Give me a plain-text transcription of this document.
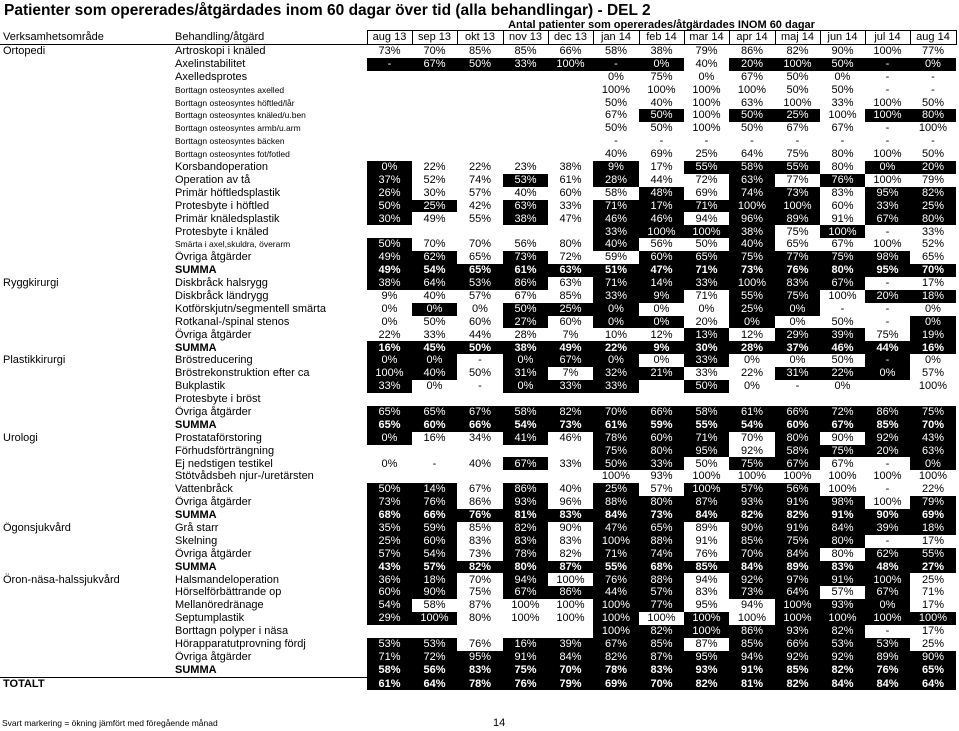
Patienter som opererades/åtgärdades inom 60 dagar över tid (alla behandlingar) - DEL 2
Antal patienter som opererades/åtgärdades INOM 60 dagar
Verksamhetsområde	Behandling/åtgärd	aug 13	sep 13	okt 13	nov 13	dec 13	jan 14	feb 14	mar 14	apr 14	maj 14	jun 14	jul 14	aug 14
Ortopedi	Artroskopi i knäled	73%	70%	85%	85%	66%	58%	38%	79%	86%	82%	90%	100%	77%
	Axelinstabilitet	-	67%	50%	33%	100%	-	0%	40%	20%	100%	50%	-	0%
	Axelledsprotes						0%	75%	0%	67%	50%	0%	-	-
	Borttagn osteosyntes axelled						100%	100%	100%	100%	50%	50%	-	-
	Borttagn osteosyntes höftled/lår						50%	40%	100%	63%	100%	33%	100%	50%
	Borttagn osteosyntes knäled/u.ben						67%	50%	100%	50%	25%	100%	100%	80%
	Borttagn osteosyntes armb/u.arm						50%	50%	100%	50%	67%	67%	-	100%
	Borttagn osteosyntes bäcken						-	-	-	-	-	-	-	-
	Borttagn osteosyntes fot/fotled						40%	69%	25%	64%	75%	80%	100%	50%
	Korsbandoperation	0%	22%	22%	23%	38%	9%	17%	55%	58%	55%	80%	0%	20%
	Operation av tå	37%	52%	74%	53%	61%	28%	44%	72%	63%	77%	76%	100%	79%
	Primär höftledsplastik	26%	30%	57%	40%	60%	58%	48%	69%	74%	73%	83%	95%	82%
	Protesbyte i höftled	50%	25%	42%	63%	33%	71%	17%	71%	100%	100%	60%	33%	25%
	Primär knäledsplastik	30%	49%	55%	38%	47%	46%	46%	94%	96%	89%	91%	67%	80%
	Protesbyte i knäled						33%	100%	100%	38%	75%	100%	-	33%
	Smärta i axel,skuldra, överarm	50%	70%	70%	56%	80%	40%	56%	50%	40%	65%	67%	100%	52%
	Övriga åtgärder	49%	62%	65%	73%	72%	59%	60%	65%	75%	77%	75%	98%	65%
	SUMMA	49%	54%	65%	61%	63%	51%	47%	71%	73%	76%	80%	95%	70%
Ryggkirurgi	Diskbråck halsrygg	38%	64%	53%	86%	63%	71%	14%	33%	100%	83%	67%	-	17%
	Diskbråck ländrygg	9%	40%	57%	67%	85%	33%	9%	71%	55%	75%	100%	20%	18%
	Kotförskjutn/segmentell smärta	0%	0%	0%	50%	25%	0%	0%	0%	25%	0%	-	-	0%
	Rotkanal-/spinal stenos	0%	50%	60%	27%	60%	0%	0%	20%	0%	0%	50%	-	0%
	Övriga åtgärder	22%	33%	44%	28%	7%	10%	12%	13%	12%	29%	39%	75%	19%
	SUMMA	16%	45%	50%	38%	49%	22%	9%	30%	28%	37%	46%	44%	16%
Plastikkirurgi	Bröstreducering	0%	0%	-	0%	67%	0%	0%	33%	0%	0%	50%	-	0%
	Bröstrekonstruktion efter ca	100%	40%	50%	31%	7%	32%	21%	33%	22%	31%	22%	0%	57%
	Bukplastik	33%	0%	-	0%	33%	33%		50%	0%	-	0%		100%
	Protesbyte i bröst													
	Övriga åtgärder	65%	65%	67%	58%	82%	70%	66%	58%	61%	66%	72%	86%	75%
	SUMMA	65%	60%	66%	54%	73%	61%	59%	55%	54%	60%	67%	85%	70%
Urologi	Prostataförstoring	0%	16%	34%	41%	46%	78%	60%	71%	70%	80%	90%	92%	43%
	Förhudsförträngning						75%	80%	95%	92%	58%	75%	20%	63%
	Ej nedstigen testikel	0%	-	40%	67%	33%	50%	33%	50%	75%	67%	67%	-	0%
	Stötvådsbeh njur-/uretärsten						100%	93%	100%	100%	100%	100%	100%	100%
	Vattenbråck	50%	14%	67%	86%	40%	25%	57%	100%	57%	56%	100%	-	22%
	Övriga åtgärder	73%	76%	86%	93%	96%	88%	80%	87%	93%	91%	98%	100%	79%
	SUMMA	68%	66%	76%	81%	83%	84%	73%	84%	82%	82%	91%	90%	69%
Ögonsjukvård	Grå starr	35%	59%	85%	82%	90%	47%	65%	89%	90%	91%	84%	39%	18%
	Skelning	25%	60%	83%	83%	83%	100%	88%	91%	85%	75%	80%	-	17%
	Övriga åtgärder	57%	54%	73%	78%	82%	71%	74%	76%	70%	84%	80%	62%	55%
	SUMMA	43%	57%	82%	80%	87%	55%	68%	85%	84%	89%	83%	48%	27%
Öron-näsa-halssjukvård	Halsmandeloperation	36%	18%	70%	94%	100%	76%	88%	94%	92%	97%	91%	100%	25%
	Hörselförbättrande op	60%	90%	75%	67%	86%	44%	57%	83%	73%	64%	57%	67%	71%
	Mellanöredränage	54%	58%	87%	100%	100%	100%	77%	95%	94%	100%	93%	0%	17%
	Septumplastik	29%	100%	80%	100%	100%	100%	100%	100%	100%	100%	100%	100%	100%
	Borttagn polyper i näsa						100%	82%	100%	86%	93%	82%	-	17%
	Hörapparatutprovning fördj	53%	53%	76%	16%	39%	67%	85%	87%	85%	66%	53%	53%	25%
	Övriga åtgärder	71%	72%	95%	91%	84%	82%	87%	95%	94%	92%	92%	89%	90%
	SUMMA	58%	56%	83%	75%	70%	78%	83%	93%	91%	85%	82%	76%	65%
TOTALT		61%	64%	78%	76%	79%	69%	70%	82%	81%	82%	84%	84%	64%
Svart markering = ökning jämfört med föregående månad	14
